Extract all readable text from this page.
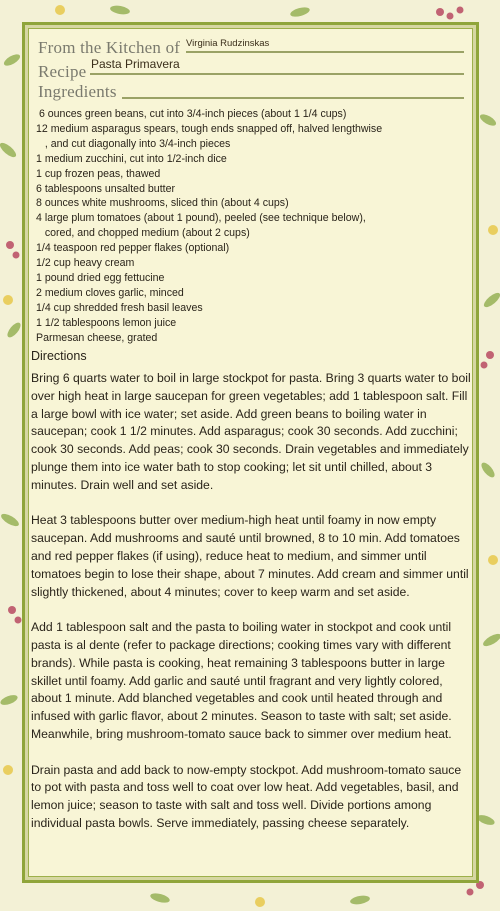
From the Kitchen of Virginia Rudzinskas
Recipe Pasta Primavera
Ingredients
6 ounces green beans, cut into 3/4-inch pieces (about 1 1/4 cups)
12 medium asparagus spears, tough ends snapped off, halved lengthwise
, and cut diagonally into 3/4-inch pieces
1 medium zucchini, cut into 1/2-inch dice
1 cup frozen peas, thawed
6 tablespoons unsalted butter
8 ounces white mushrooms, sliced thin (about 4 cups)
4 large plum tomatoes (about 1 pound), peeled (see technique below),
cored, and chopped medium (about 2 cups)
1/4 teaspoon red pepper flakes (optional)
1/2 cup heavy cream
1 pound dried egg fettucine
2 medium cloves garlic, minced
1/4 cup shredded fresh basil leaves
1 1/2 tablespoons lemon juice
Parmesan cheese, grated
Directions

Bring 6 quarts water to boil in large stockpot for pasta. Bring 3 quarts water to boil over high heat in large saucepan for green vegetables; add 1 tablespoon salt. Fill a large bowl with ice water; set aside. Add green beans to boiling water in saucepan; cook 1 1/2 minutes. Add asparagus; cook 30 seconds. Add zucchini; cook 30 seconds. Add peas; cook 30 seconds. Drain vegetables and immediately plunge them into ice water bath to stop cooking; let sit until chilled, about 3 minutes. Drain well and set aside.

Heat 3 tablespoons butter over medium-high heat until foamy in now empty saucepan. Add mushrooms and sauté until browned, 8 to 10 min. Add tomatoes and red pepper flakes (if using), reduce heat to medium, and simmer until tomatoes begin to lose their shape, about 7 minutes. Add cream and simmer until slightly thickened, about 4 minutes; cover to keep warm and set aside.

Add 1 tablespoon salt and the pasta to boiling water in stockpot and cook until pasta is al dente (refer to package directions; cooking times vary with different brands). While pasta is cooking, heat remaining 3 tablespoons butter in large skillet until foamy. Add garlic and sauté until fragrant and very lightly colored, about 1 minute. Add blanched vegetables and cook until heated through and infused with garlic flavor, about 2 minutes. Season to taste with salt; set aside. Meanwhile, bring mushroom-tomato sauce back to simmer over medium heat.

Drain pasta and add back to now-empty stockpot. Add mushroom-tomato sauce to pot with pasta and toss well to coat over low heat. Add vegetables, basil, and lemon juice; season to taste with salt and toss well. Divide portions among individual pasta bowls. Serve immediately, passing cheese separately.
